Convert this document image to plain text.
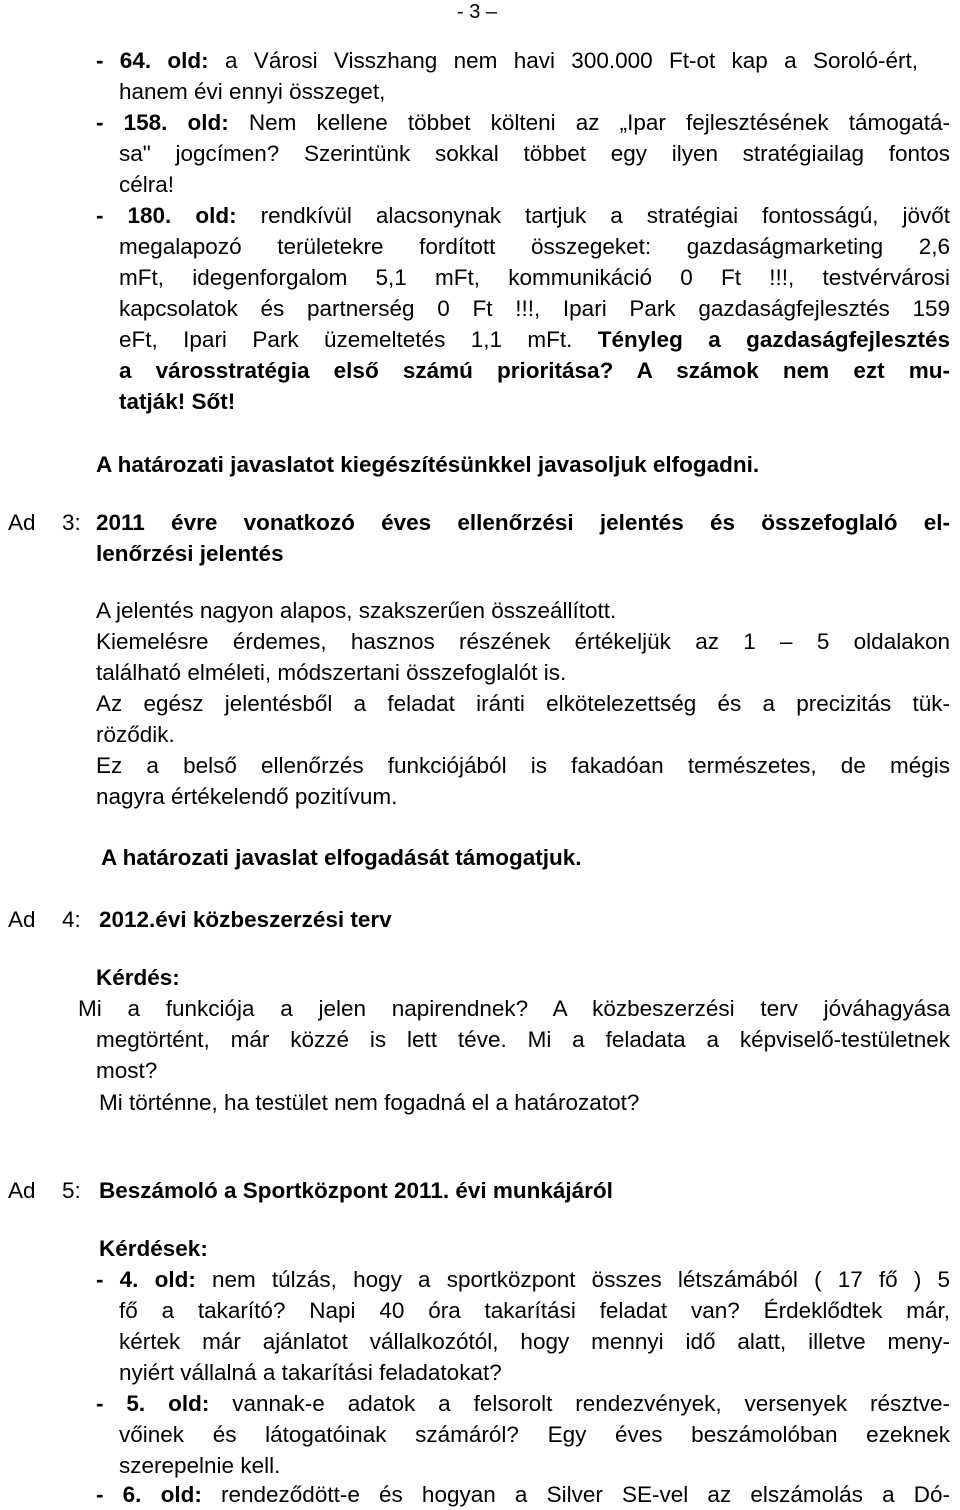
- 3 –
- 64. old: a Városi Visszhang nem havi 300.000 Ft-ot kap a Soroló-ért,
hanem évi ennyi összeget,
- 158. old: Nem kellene többet költeni az „Ipar fejlesztésének támogatá-
sa" jogcímen? Szerintünk sokkal többet egy ilyen stratégiailag fontos
célra!
- 180. old: rendkívül alacsonynak tartjuk a stratégiai fontosságú, jövőt
megalapozó területekre fordított összegeket: gazdaságmarketing 2,6
mFt, idegenforgalom 5,1 mFt, kommunikáció 0 Ft !!!, testvérvárosi
kapcsolatok és partnerség 0 Ft !!!, Ipari Park gazdaságfejlesztés 159
eFt, Ipari Park üzemeltetés 1,1 mFt. Tényleg a gazdaságfejlesztés
a városstratégia első számú prioritása? A számok nem ezt mu-
tatják! Sőt!
A határozati javaslatot kiegészítésünkkel javasoljuk elfogadni.
Ad 3: 2011 évre vonatkozó éves ellenőrzési jelentés és összefoglaló el-
lenőrzési jelentés
A jelentés nagyon alapos, szakszerűen összeállított.
Kiemelésre érdemes, hasznos részének értékeljük az 1 – 5 oldalakon
található elméleti, módszertani összefoglalót is.
Az egész jelentésből a feladat iránti elkötelezettség és a precizitás tük-
röződik.
Ez a belső ellenőrzés funkciójából is fakadóan természetes, de mégis
nagyra értékelendő pozitívum.
A határozati javaslat elfogadását támogatjuk.
Ad 4: 2012.évi közbeszerzési terv
Kérdés:
Mi a funkciója a jelen napirendnek? A közbeszerzési terv jóváhagyása
megtörtént, már közzé is lett téve. Mi a feladata a képviselő-testületnek
most?
Mi történne, ha testület nem fogadná el a határozatot?
Ad 5: Beszámoló a Sportközpont 2011. évi munkájáról
Kérdések:
- 4. old: nem túlzás, hogy a sportközpont összes létszámából ( 17 fő ) 5
fő a takarító? Napi 40 óra takarítási feladat van? Érdeklődtek már,
kértek már ajánlatot vállalkozótól, hogy mennyi idő alatt, illetve meny-
nyiért vállalná a takarítási feladatokat?
- 5. old: vannak-e adatok a felsorolt rendezvények, versenyek résztve-
vőinek és látogatóinak számáról? Egy éves beszámolóban ezeknek
szerepelnie kell.
- 6. old: rendeződött-e és hogyan a Silver SE-vel az elszámolás a Dó-
